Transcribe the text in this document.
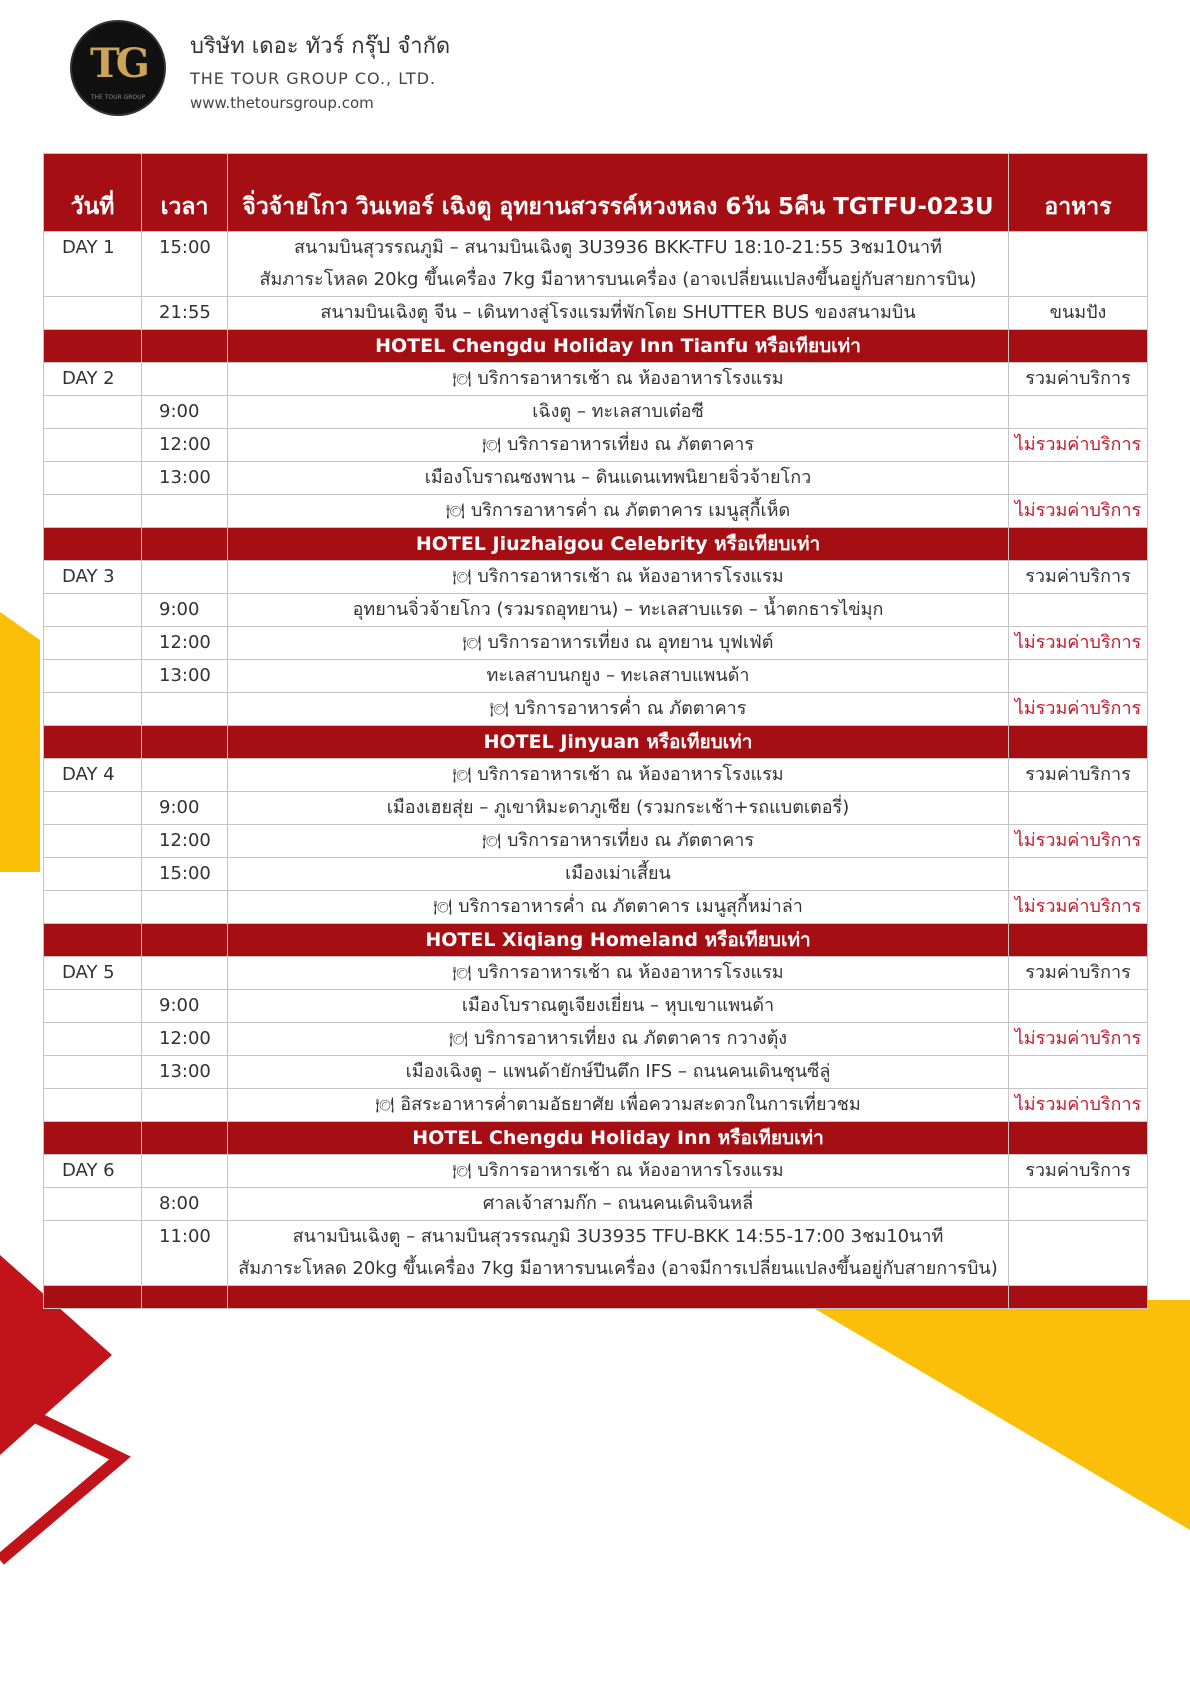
TG
THE TOUR GROUP
บริษัท เดอะ ทัวร์ กรุ๊ป จำกัด
THE TOUR GROUP CO., LTD.
www.thetoursgroup.com
วันที่	เวลา	จิ่วจ้ายโกว วินเทอร์ เฉิงตู อุทยานสวรรค์หวงหลง 6วัน 5คืน TGTFU-023U	อาหาร
DAY 1	15:00	สนามบินสุวรรณภูมิ – สนามบินเฉิงตู 3U3936 BKK-TFU 18:10-21:55 3ชม10นาที
สัมภาระโหลด 20kg ขึ้นเครื่อง 7kg มีอาหารบนเครื่อง (อาจเปลี่ยนแปลงขึ้นอยู่กับสายการบิน)	

	21:55	สนามบินเฉิงตู จีน – เดินทางสู่โรงแรมที่พักโดย SHUTTER BUS ของสนามบิน	ขนมปัง
		HOTEL Chengdu Holiday Inn Tianfu หรือเทียบเท่า	
DAY 2		🍽 บริการอาหารเช้า ณ ห้องอาหารโรงแรม	รวมค่าบริการ
	9:00	เฉิงตู – ทะเลสาบเต๋อซี	
	12:00	🍽 บริการอาหารเที่ยง ณ ภัตตาคาร	ไม่รวมค่าบริการ
	13:00	เมืองโบราณซงพาน – ดินแดนเทพนิยายจิ่วจ้ายโกว	
		🍽 บริการอาหารค่ำ ณ ภัตตาคาร เมนูสุกี้เห็ด	ไม่รวมค่าบริการ
		HOTEL Jiuzhaigou Celebrity หรือเทียบเท่า	
DAY 3		🍽 บริการอาหารเช้า ณ ห้องอาหารโรงแรม	รวมค่าบริการ
	9:00	อุทยานจิ่วจ้ายโกว (รวมรถอุทยาน) – ทะเลสาบแรด – น้ำตกธารไข่มุก	
	12:00	🍽 บริการอาหารเที่ยง ณ อุทยาน บุฟเฟ่ต์	ไม่รวมค่าบริการ
	13:00	ทะเลสาบนกยูง – ทะเลสาบแพนด้า	
		🍽 บริการอาหารค่ำ ณ ภัตตาคาร	ไม่รวมค่าบริการ
		HOTEL Jinyuan หรือเทียบเท่า	
DAY 4		🍽 บริการอาหารเช้า ณ ห้องอาหารโรงแรม	รวมค่าบริการ
	9:00	เมืองเฮยสุ่ย – ภูเขาหิมะดาภูเชีย (รวมกระเช้า+รถแบตเตอรี่)	
	12:00	🍽 บริการอาหารเที่ยง ณ ภัตตาคาร	ไม่รวมค่าบริการ
	15:00	เมืองเม่าเสี้ยน	
		🍽 บริการอาหารค่ำ ณ ภัตตาคาร เมนูสุกี้หม่าล่า	ไม่รวมค่าบริการ
		HOTEL Xiqiang Homeland หรือเทียบเท่า	
DAY 5		🍽 บริการอาหารเช้า ณ ห้องอาหารโรงแรม	รวมค่าบริการ
	9:00	เมืองโบราณตูเจียงเยี่ยน – หุบเขาแพนด้า	
	12:00	🍽 บริการอาหารเที่ยง ณ ภัตตาคาร กวางตุ้ง	ไม่รวมค่าบริการ
	13:00	เมืองเฉิงตู – แพนด้ายักษ์ปีนตึก IFS – ถนนคนเดินชุนซีลู่	
		🍽 อิสระอาหารค่ำตามอัธยาศัย เพื่อความสะดวกในการเที่ยวชม	ไม่รวมค่าบริการ
		HOTEL Chengdu Holiday Inn หรือเทียบเท่า	
DAY 6		🍽 บริการอาหารเช้า ณ ห้องอาหารโรงแรม	รวมค่าบริการ
	8:00	ศาลเจ้าสามก๊ก – ถนนคนเดินจินหลี่	
	11:00	สนามบินเฉิงตู – สนามบินสุวรรณภูมิ 3U3935 TFU-BKK 14:55-17:00 3ชม10นาที
สัมภาระโหลด 20kg ขึ้นเครื่อง 7kg มีอาหารบนเครื่อง (อาจมีการเปลี่ยนแปลงขึ้นอยู่กับสายการบิน)	
